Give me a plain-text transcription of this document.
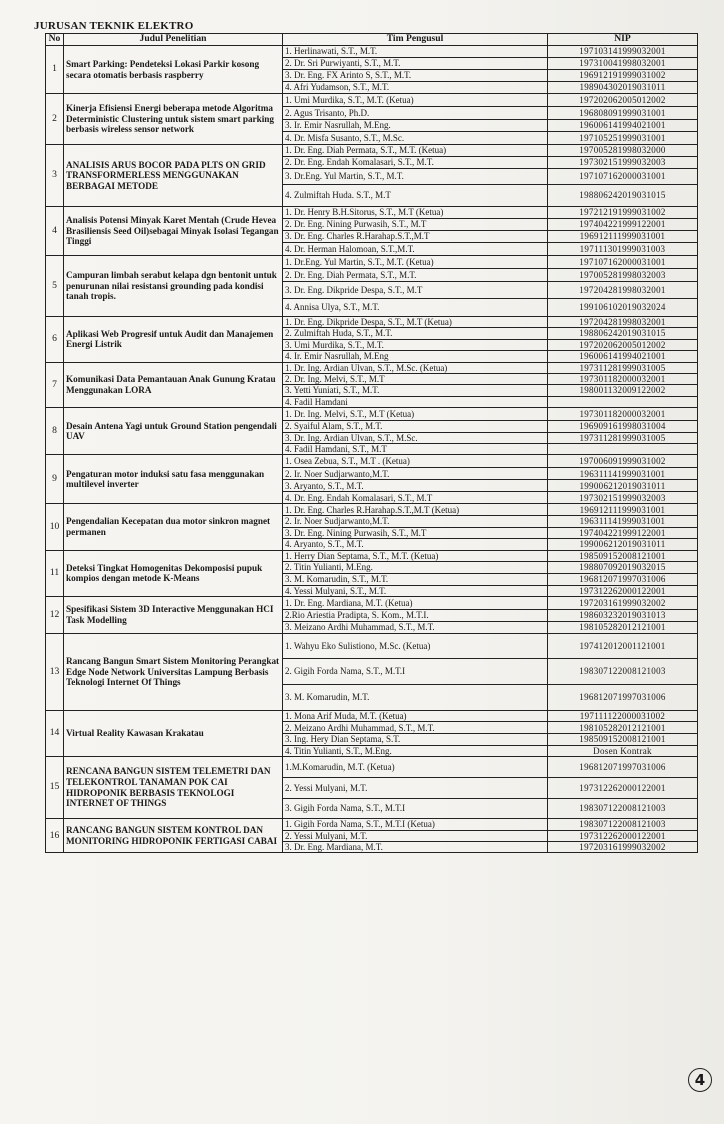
JURUSAN TEKNIK ELEKTRO
No	Judul Penelitian	Tim Pengusul	NIP
1	Smart Parking: Pendeteksi Lokasi Parkir kosong secara otomatis berbasis raspberry	1. Herlinawati, S.T., M.T.	197103141999032001
		2. Dr. Sri Purwiyanti, S.T., M.T.	197310041998032001
		3. Dr. Eng. FX Arinto S, S.T., M.T.	196912191999031002
		4. Afri Yudamson, S.T., M.T.	198904302019031011
2	Kinerja Efisiensi Energi beberapa metode Algoritma Deterministic Clustering untuk sistem smart parking berbasis wireless sensor network	1. Umi Murdika, S.T., M.T. (Ketua)	197202062005012002
		2. Agus Trisanto, Ph.D.	196808091999031001
		3. Ir. Emir Nasrullah, M.Eng.	196006141994021001
		4. Dr. Misfa Susanto, S.T., M.Sc.	197105251999031001
3	ANALISIS ARUS BOCOR PADA PLTS ON GRID TRANSFORMERLESS MENGGUNAKAN BERBAGAI METODE	1. Dr. Eng. Diah Permata, S.T., M.T. (Ketua)	197005281998032000
		2. Dr. Eng. Endah Komalasari, S.T., M.T.	197302151999032003
		3. Dr.Eng. Yul Martin, S.T., M.T.	197107162000031001
		4. Zulmiftah Huda. S.T., M.T	198806242019031015
4	Analisis Potensi Minyak Karet Mentah (Crude Hevea Brasiliensis Seed Oil)sebagai Minyak Isolasi Tegangan Tinggi	1. Dr. Henry B.H.Sitorus, S.T., M.T (Ketua)	197212191999031002
		2. Dr. Eng. Nining Purwasih, S.T., M.T	197404221999122001
		3. Dr. Eng. Charles R.Harahap.S.T.,M.T	196912111999031001
		4. Dr. Herman Halomoan, S.T.,M.T.	197111301999031003
5	Campuran limbah serabut kelapa dgn bentonit untuk penurunan nilai resistansi grounding pada kondisi tanah tropis.	1. Dr.Eng. Yul Martin, S.T., M.T. (Ketua)	197107162000031001
		2. Dr. Eng. Diah Permata, S.T., M.T.	197005281998032003
		3. Dr. Eng. Dikpride Despa, S.T., M.T	197204281998032001
		4. Annisa Ulya, S.T., M.T.	199106102019032024
6	Aplikasi Web Progresif untuk Audit dan Manajemen Energi Listrik	1. Dr. Eng. Dikpride Despa, S.T., M.T (Ketua)	197204281998032001
		2. Zulmiftah Huda, S.T., M.T.	198806242019031015
		3. Umi Murdika, S.T., M.T.	197202062005012002
		4. Ir. Emir Nasrullah, M.Eng	196006141994021001
7	Komunikasi Data Pemantauan Anak Gunung Kratau Menggunakan LORA	1. Dr. Ing. Ardian Ulvan, S.T., M.Sc. (Ketua)	197311281999031005
		2. Dr. Ing. Melvi, S.T., M.T	197301182000032001
		3. Yetti Yuniati, S.T., M.T.	198001132009122002
		4. Fadil Hamdani	
8	Desain Antena Yagi untuk Ground Station pengendali UAV	1. Dr. Ing. Melvi, S.T., M.T (Ketua)	197301182000032001
		2. Syaiful Alam, S.T., M.T.	196909161998031004
		3. Dr. Ing. Ardian Ulvan, S.T., M.Sc.	197311281999031005
		4. Fadil Hamdani, S.T., M.T	
9	Pengaturan motor induksi satu fasa menggunakan multilevel inverter	1. Osea Zebua, S.T., M.T . (Ketua)	197006091999031002
		2. Ir. Noer Sudjarwanto,M.T.	196311141999031001
		3. Aryanto, S.T., M.T.	199006212019031011
		4. Dr. Eng. Endah Komalasari, S.T., M.T	197302151999032003
10	Pengendalian Kecepatan dua motor sinkron magnet permanen	1. Dr. Eng. Charles R.Harahap.S.T.,M.T (Ketua)	196912111999031001
		2. Ir. Noer Sudjarwanto,M.T.	196311141999031001
		3. Dr. Eng. Nining Purwasih, S.T., M.T	197404221999122001
		4. Aryanto, S.T., M.T.	199006212019031011
11	Deteksi Tingkat Homogenitas Dekomposisi pupuk kompios dengan metode K-Means	1. Herry Dian Septama, S.T., M.T. (Ketua)	198509152008121001
		2. Titin Yulianti, M.Eng.	198807092019032015
		3. M. Komarudin, S.T., M.T.	196812071997031006
		4. Yessi Mulyani, S.T., M.T.	197312262000122001
12	Spesifikasi Sistem 3D Interactive Menggunakan HCI Task Modelling	1. Dr. Eng. Mardiana, M.T. (Ketua)	197203161999032002
		2.Rio Ariestia Pradipta, S. Kom., M.T.I.	198603232019031013
		3. Meizano Ardhi Muhammad, S.T., M.T.	198105282012121001
13	Rancang Bangun Smart Sistem Monitoring Perangkat Edge Node Network Universitas Lampung Berbasis Teknologi Internet Of Things	1. Wahyu Eko Sulistiono, M.Sc. (Ketua)	197412012001121001
		2. Gigih Forda Nama, S.T., M.T.I	198307122008121003
		3. M. Komarudin, M.T.	196812071997031006
14	Virtual Reality Kawasan Krakatau	1. Mona Arif Muda, M.T. (Ketua)	197111122000031002
		2. Meizano Ardhi Muhammad, S.T., M.T.	198105282012121001
		3. Ing. Hery Dian Septama, S.T.	198509152008121001
		4. Titin Yulianti, S.T., M.Eng.	Dosen Kontrak
15	RENCANA BANGUN SISTEM TELEMETRI DAN TELEKONTROL TANAMAN POK CAI HIDROPONIK BERBASIS TEKNOLOGI INTERNET OF THINGS	1.M.Komarudin, M.T. (Ketua)	196812071997031006
		2. Yessi Mulyani, M.T.	197312262000122001
		3. Gigih Forda Nama, S.T., M.T.I	198307122008121003
16	RANCANG BANGUN SISTEM KONTROL DAN MONITORING HIDROPONIK FERTIGASI CABAI	1. Gigih Forda Nama, S.T., M.T.I (Ketua)	198307122008121003
		2. Yessi Mulyani, M.T.	197312262000122001
		3. Dr. Eng. Mardiana, M.T.	197203161999032002
4
